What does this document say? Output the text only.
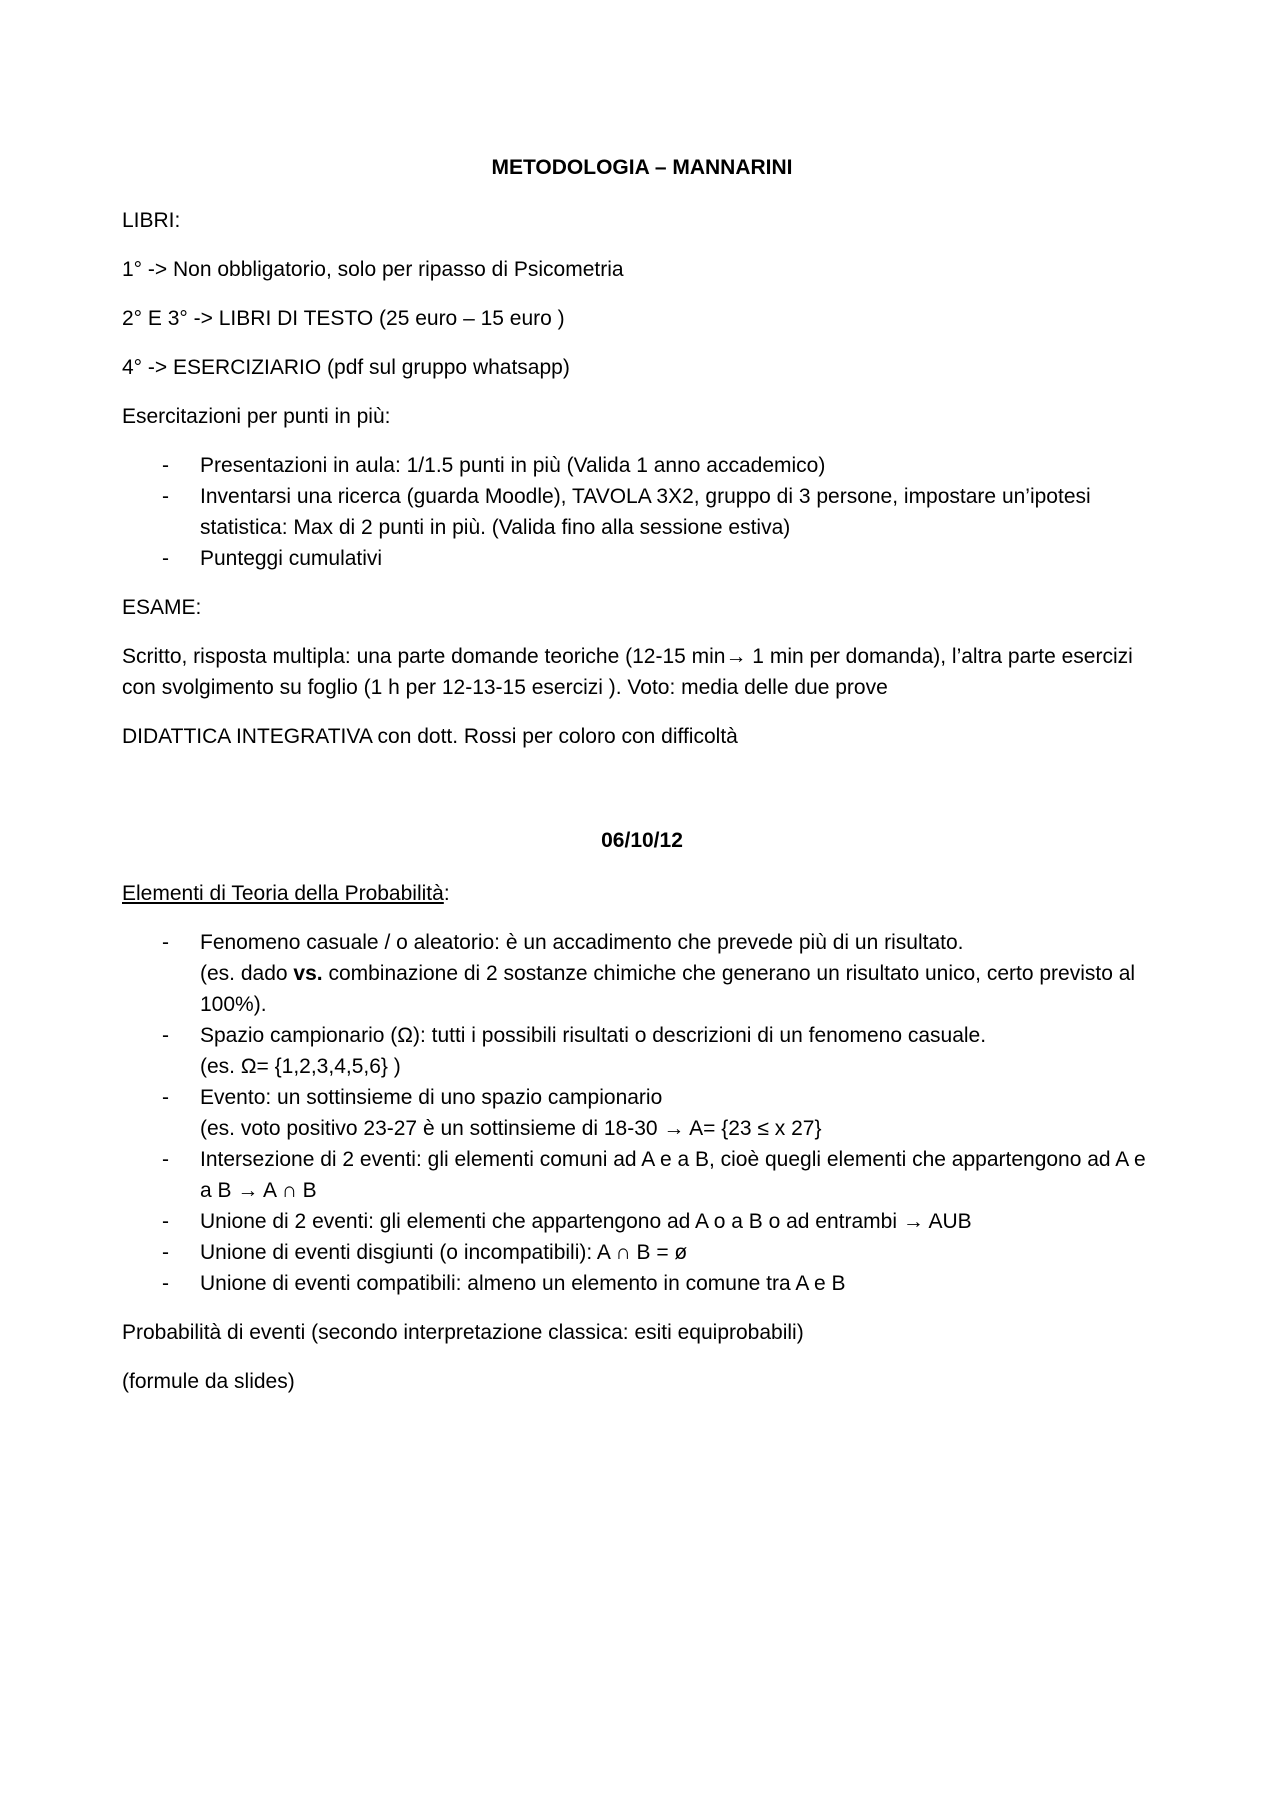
METODOLOGIA – MANNARINI
LIBRI:
1° -> Non obbligatorio, solo per ripasso di Psicometria
2° E 3° -> LIBRI DI TESTO (25 euro – 15 euro )
4° -> ESERCIZIARIO (pdf sul gruppo whatsapp)
Esercitazioni per punti in più:
- Presentazioni in aula: 1/1.5 punti in più (Valida 1 anno accademico)
- Inventarsi una ricerca (guarda Moodle), TAVOLA 3X2, gruppo di 3 persone, impostare un’ipotesi statistica: Max di 2 punti in più. (Valida fino alla sessione estiva)
- Punteggi cumulativi
ESAME:
Scritto, risposta multipla: una parte domande teoriche (12-15 min→ 1 min per domanda), l’altra parte esercizi con svolgimento su foglio (1 h per 12-13-15 esercizi ). Voto: media delle due prove
DIDATTICA INTEGRATIVA con dott. Rossi per coloro con difficoltà
06/10/12
Elementi di Teoria della Probabilità:
- Fenomeno casuale / o aleatorio: è un accadimento che prevede più di un risultato.
(es. dado vs. combinazione di 2 sostanze chimiche che generano un risultato unico, certo previsto al 100%).
- Spazio campionario (Ω): tutti i possibili risultati o descrizioni di un fenomeno casuale.
(es. Ω= {1,2,3,4,5,6} )
- Evento: un sottinsieme di uno spazio campionario
(es. voto positivo 23-27 è un sottinsieme di 18-30 → A= {23 ≤ x 27}
- Intersezione di 2 eventi: gli elementi comuni ad A e a B, cioè quegli elementi che appartengono ad A e a B → A ∩ B
- Unione di 2 eventi: gli elementi che appartengono ad A o a B o ad entrambi → AUB
- Unione di eventi disgiunti (o incompatibili): A ∩ B = ø
- Unione di eventi compatibili: almeno un elemento in comune tra A e B
Probabilità di eventi (secondo interpretazione classica: esiti equiprobabili)
(formule da slides)
